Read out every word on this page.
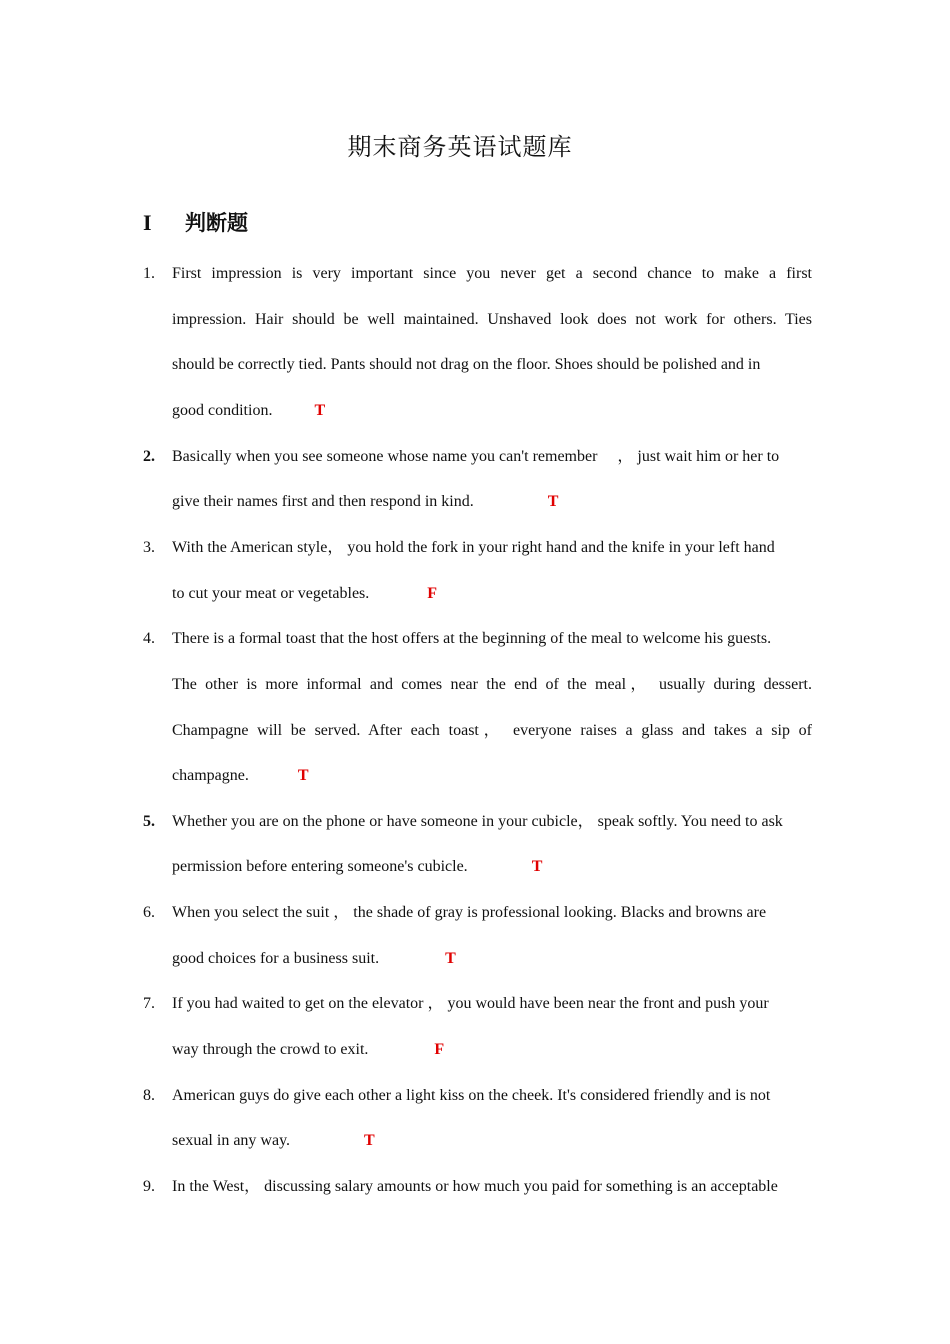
期末商务英语试题库
I 判断题
1. First impression is very important since you never get a second chance to make a first
impression. Hair should be well maintained. Unshaved look does not work for others. Ties
should be correctly tied. Pants should not drag on the floor. Shoes should be polished and in
good condition.	T
2. Basically when you see someone whose name you can't remember 　， just wait him or her to
give their names first and then respond in kind.	T
3. With the American style， you hold the fork in your right hand and the knife in your left hand
to cut your meat or vegetables.	F
4. There is a formal toast that the host offers at the beginning of the meal to welcome his guests.
The other is more informal and comes near the end of the meal， usually during dessert.
Champagne will be served. After each toast， everyone raises a glass and takes a sip of
champagne.	T
5. Whether you are on the phone or have someone in your cubicle， speak softly. You need to ask
permission before entering someone's cubicle.	T
6. When you select the suit ， the shade of gray is professional looking. Blacks and browns are
good choices for a business suit.	T
7. If you had waited to get on the elevator ， you would have been near the front and push your
way through the crowd to exit.	F
8. American guys do give each other a light kiss on the cheek. It's considered friendly and is not
sexual in any way.	T
9. In the West， discussing salary amounts or how much you paid for something is an acceptable
